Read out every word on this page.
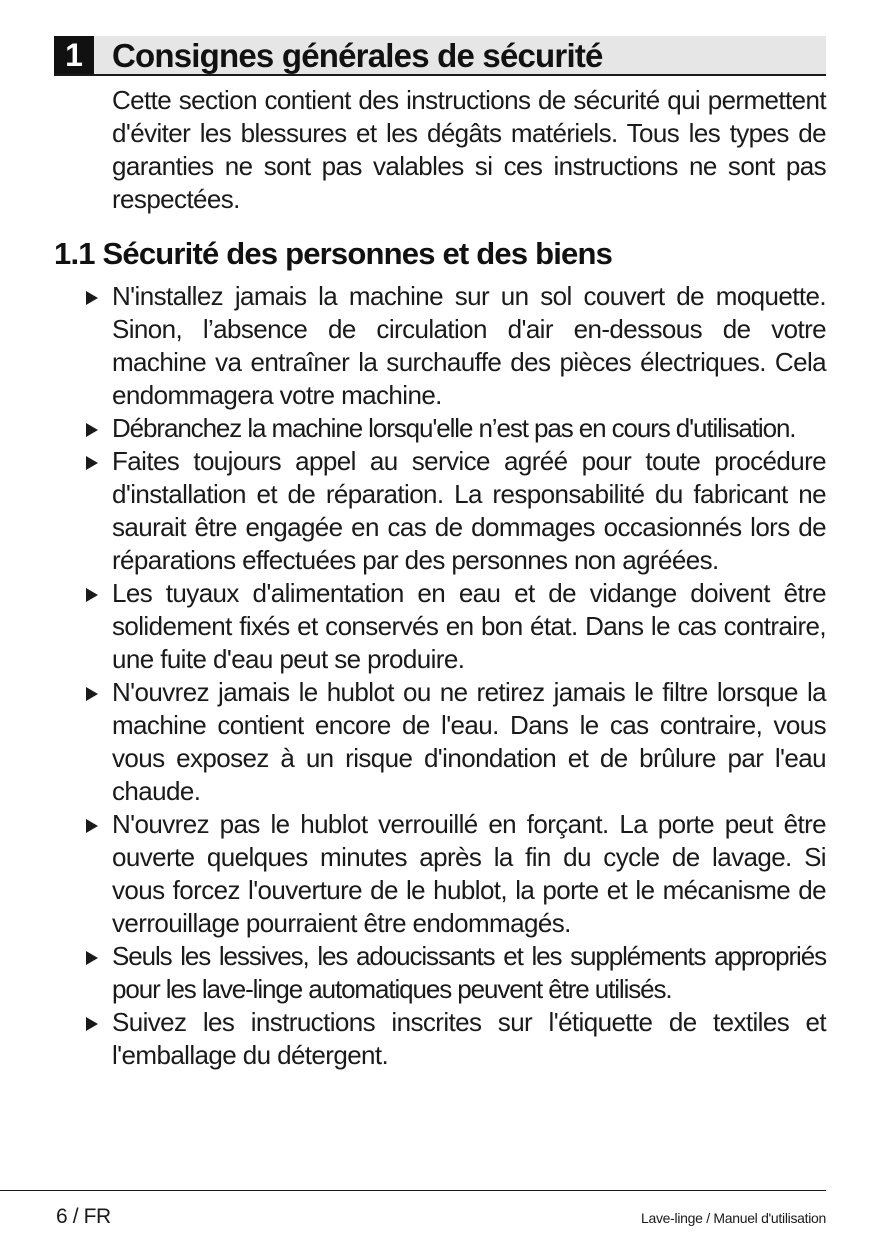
1 Consignes générales de sécurité

Cette section contient des instructions de sécurité qui permettent d'éviter les blessures et les dégâts matériels. Tous les types de garanties ne sont pas valables si ces instructions ne sont pas respectées.

1.1 Sécurité des personnes et des biens
N'installez jamais la machine sur un sol couvert de moquette. Sinon, l’absence de circulation d'air en-dessous de votre machine va entraîner la surchauffe des pièces électriques. Cela endommagera votre machine.
Débranchez la machine lorsqu'elle n’est pas en cours d'utilisation.
Faites toujours appel au service agréé pour toute procédure d'installation et de réparation. La responsabilité du fabricant ne saurait être engagée en cas de dommages occasionnés lors de réparations effectuées par des personnes non agréées.
Les tuyaux d'alimentation en eau et de vidange doivent être solidement fixés et conservés en bon état. Dans le cas contraire, une fuite d'eau peut se produire.
N'ouvrez jamais le hublot ou ne retirez jamais le filtre lorsque la machine contient encore de l'eau. Dans le cas contraire, vous vous exposez à un risque d'inondation et de brûlure par l'eau chaude.
N'ouvrez pas le hublot verrouillé en forçant. La porte peut être ouverte quelques minutes après la fin du cycle de lavage. Si vous forcez l'ouverture de le hublot, la porte et le mécanisme de verrouillage pourraient être endommagés.
Seuls les lessives, les adoucissants et les suppléments appropriés pour les lave-linge automatiques peuvent être utilisés.
Suivez les instructions inscrites sur l'étiquette de textiles et l'emballage du détergent.
6 / FR	Lave-linge / Manuel d'utilisation
